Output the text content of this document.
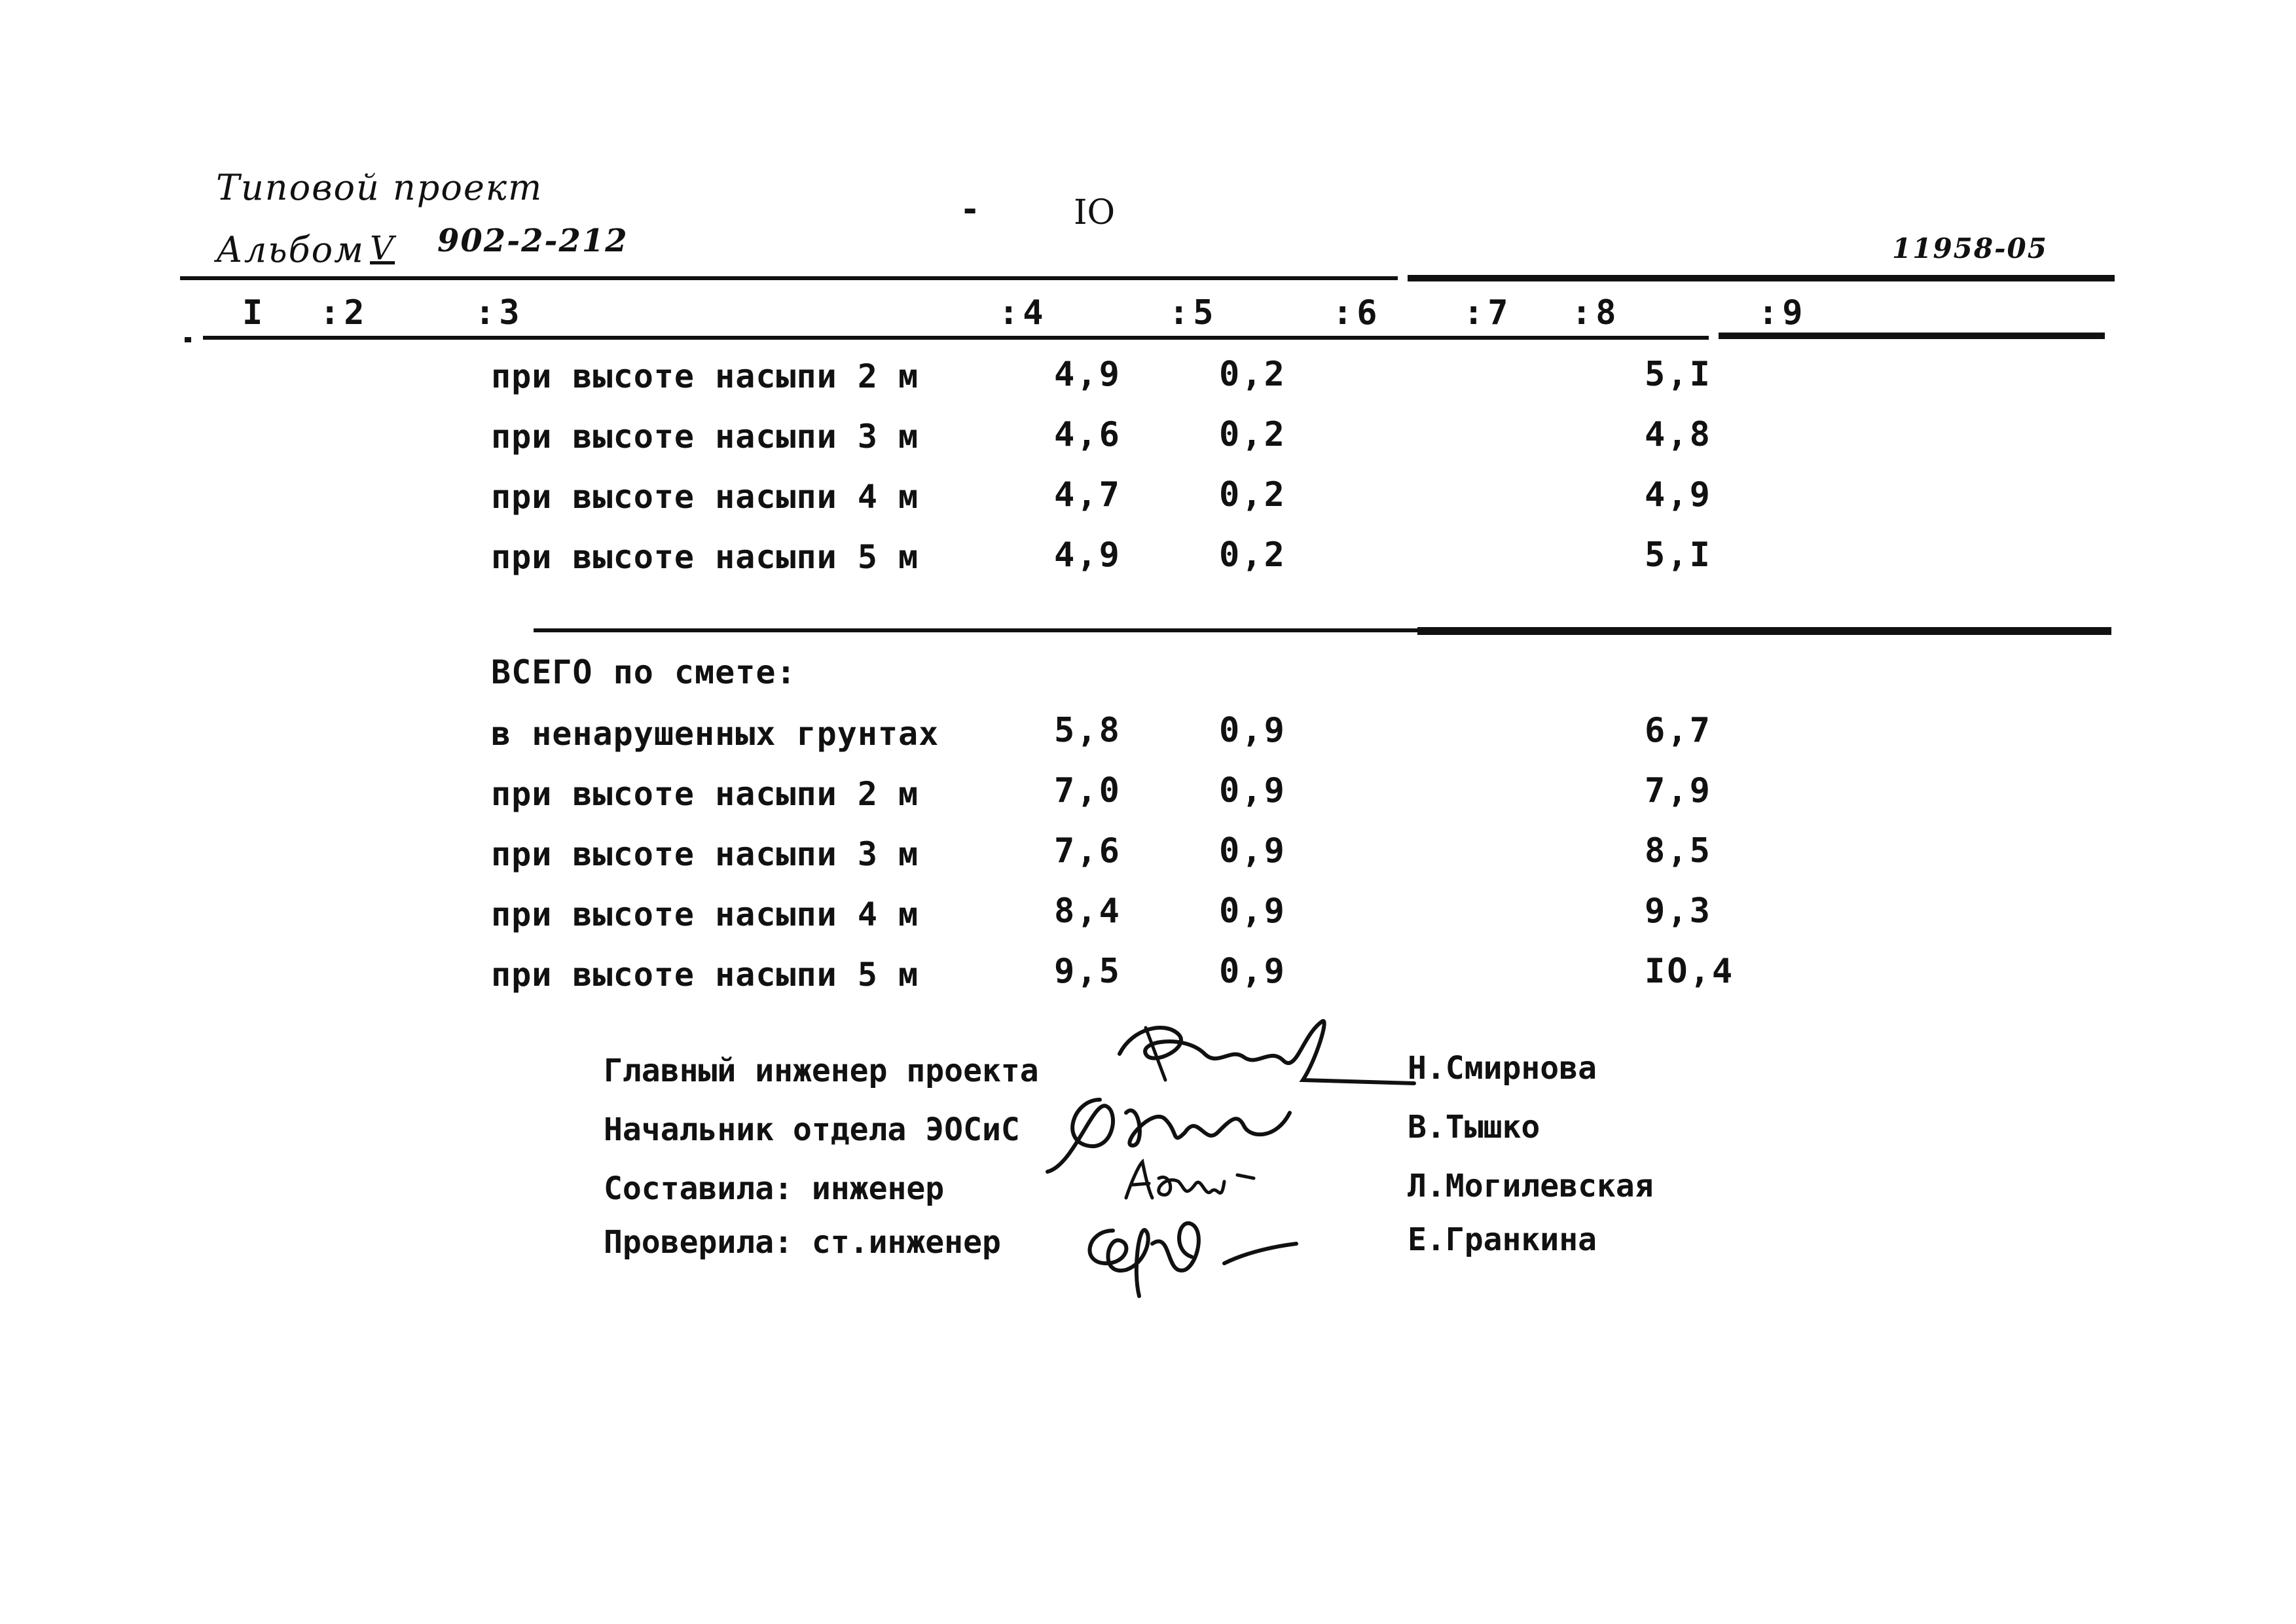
Типовой проект
Альбом V 902-2-212
-	IO
11958-05
I :2	:3	:4	:5	:6 :7 :8	:9
при высоте насыпи 2 м	4,9	0,2	5,I
при высоте насыпи 3 м	4,6	0,2	4,8
при высоте насыпи 4 м	4,7	0,2	4,9
при высоте насыпи 5 м	4,9	0,2	5,I
ВСЕГО по смете:
в ненарушенных грунтах	5,8	0,9	6,7
при высоте насыпи 2 м	7,0	0,9	7,9
при высоте насыпи 3 м	7,6	0,9	8,5
при высоте насыпи 4 м	8,4	0,9	9,3
при высоте насыпи 5 м	9,5	0,9	IO,4
Главный инженер проекта	Н.Смирнова
Начальник отдела ЭОСиС	В.Тышко
Составила: инженер	Л.Могилевская
Проверила: ст.инженер	Е.Гранкина
